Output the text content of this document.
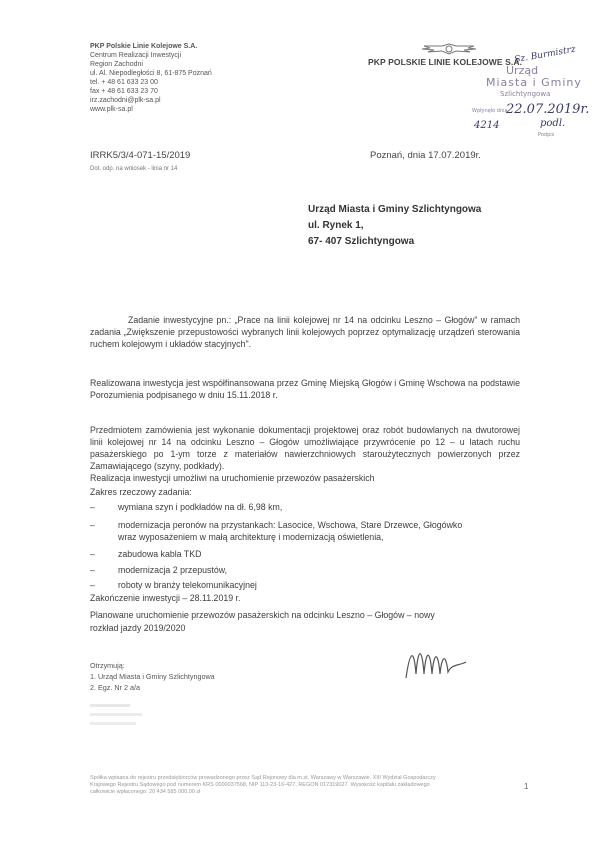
PKP Polskie Linie Kolejowe S.A.
Centrum Realizacji Inwestycji
Region Zachodni
ul. Al. Niepodległości 8, 61-875 Poznań
tel. + 48 61 633 23 00
fax + 48 61 633 23 70
irz.zachodni@plk-sa.pl
www.plk-sa.pl
PKP POLSKIE LINIE KOLEJOWE S.A.
Urząd
Miasta i Gminy
Szlichtyngowa
Wpłynęło dnia
22.07.2019r.
4214	podl.
Podpis
Sz. Burmistrz
IRRK5/3/4-071-15/2019
Dot. odp. na wniosek - linia nr 14
Poznań, dnia 17.07.2019r.
Urząd Miasta i Gminy Szlichtyngowa
ul. Rynek 1,
67- 407 Szlichtyngowa
Zadanie inwestycyjne pn.: „Prace na linii kolejowej nr 14 na odcinku Leszno – Głogów" w ramach zadania „Zwiększenie przepustowości wybranych linii kolejowych poprzez optymalizację urządzeń sterowania ruchem kolejowym i układów stacyjnych".
Realizowana inwestycja jest współfinansowana przez Gminę Miejską Głogów i Gminę Wschowa na podstawie Porozumienia podpisanego w dniu 15.11.2018 r.
Przedmiotem zamówienia jest wykonanie dokumentacji projektowej oraz robót budowlanych na dwutorowej linii kolejowej nr 14 na odcinku Leszno – Głogów umożliwiające przywrócenie po 12 – u latach ruchu pasażerskiego po 1-ym torze z materiałów nawierzchniowych staroużytecznych powierzonych przez Zamawiającego (szyny, podkłady).
Realizacja inwestycji umożliwi na uruchomienie przewozów pasażerskich
Zakres rzeczowy zadania:
–	wymiana szyn i podkładów na dł. 6,98 km,
–	modernizacja peronów na przystankach: Lasocice, Wschowa, Stare Drzewce, Głogówko
wraz wyposażeniem w małą architekturę i modernizacją oświetlenia,
–	zabudowa kabla TKD
–	modernizacja 2 przepustów,
–	roboty w branży telekomunikacyjnej
Zakończenie inwestycji – 28.11.2019 r.
Planowane uruchomienie przewozów pasażerskich na odcinku Leszno – Głogów – nowy
rozkład jazdy 2019/2020
Otrzymują:
1. Urząd Miasta i Gminy Szlichtyngowa
2. Egz. Nr 2 a/a
Spółka wpisana do rejestru przedsiębiorców prowadzonego przez Sąd Rejonowy dla m.st. Warszawy w Warszawie, XIII Wydział Gospodarczy
Krajowego Rejestru Sądowego pod numerem KRS 0000037568, NIP 113-23-16-427, REGON 017319027. Wysokość kapitału zakładowego
całkowicie wpłaconego: 20 434 585 000,00 zł
1
